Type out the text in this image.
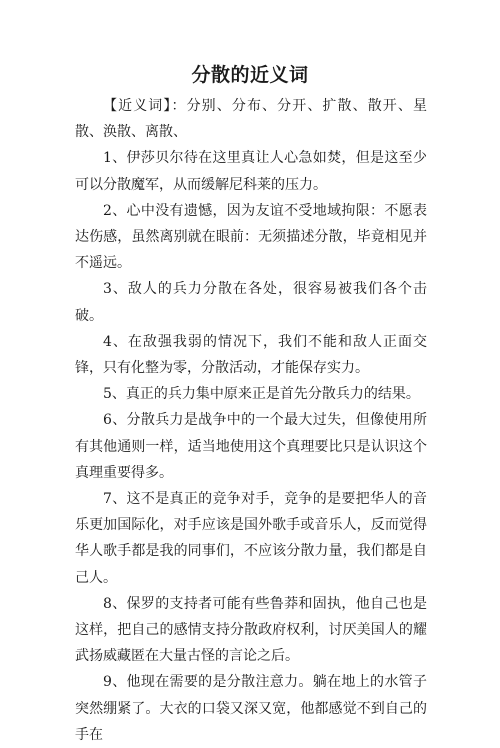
分散的近义词

【近义词】：分别、分布、分开、扩散、散开、星散、涣散、离散、

1、伊莎贝尔待在这里真让人心急如焚，但是这至少可以分散魔军，从而缓解尼科莱的压力。

2、心中没有遗憾，因为友谊不受地域拘限：不愿表达伤感，虽然离别就在眼前：无须描述分散，毕竟相见并不遥远。

3、敌人的兵力分散在各处，很容易被我们各个击破。

4、在敌强我弱的情况下，我们不能和敌人正面交锋，只有化整为零，分散活动，才能保存实力。

5、真正的兵力集中原来正是首先分散兵力的结果。

6、分散兵力是战争中的一个最大过失，但像使用所有其他通则一样，适当地使用这个真理要比只是认识这个真理重要得多。

7、这不是真正的竞争对手，竞争的是要把华人的音乐更加国际化，对手应该是国外歌手或音乐人，反而觉得华人歌手都是我的同事们，不应该分散力量，我们都是自己人。

8、保罗的支持者可能有些鲁莽和固执，他自己也是这样，把自己的感情支持分散政府权利，讨厌美国人的耀武扬威藏匿在大量古怪的言论之后。

9、他现在需要的是分散注意力。躺在地上的水管子突然绷紧了。大衣的口袋又深又宽，他都感觉不到自己的手在
